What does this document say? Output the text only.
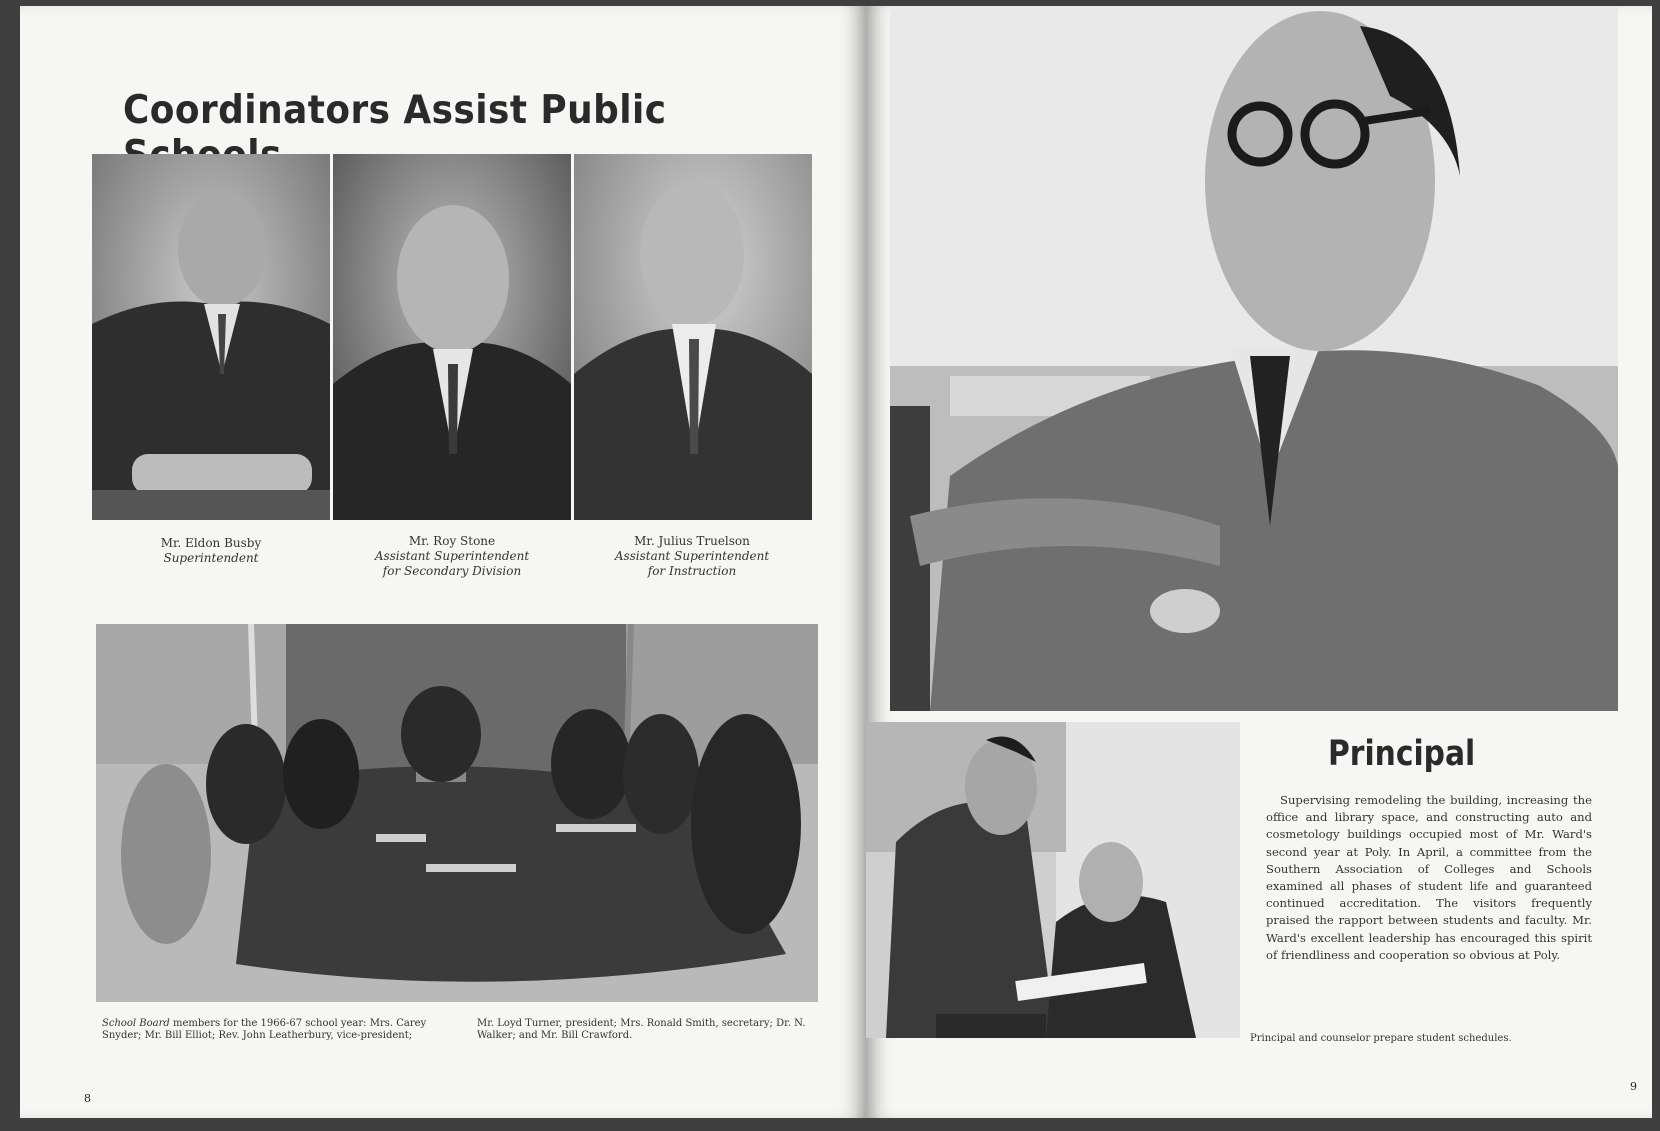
Coordinators Assist Public
Mr. Eldon Busby
Superintendent
Mr. Roy Stone
Assistant Superintendent
for Secondary Division
Mr. Julius Truelson
Assistant Superintendent
for Instruction
School Board members for the 1966-67 school year: Mrs. Carey Snyder; Mr. Bill Elliot; Rev. John Leatherbury, vice-president;
Mr. Loyd Turner, president; Mrs. Ronald Smith, secretary; Dr. N. Walker; and Mr. Bill Crawford.
8
Principal
Supervising remodeling the building, increasing the office and library space, and constructing auto and cosmetology buildings occupied most of Mr. Ward's second year at Poly. In April, a committee from the Southern Association of Colleges and Schools examined all phases of student life and guaranteed continued accreditation. The visitors frequently praised the rapport between students and faculty. Mr. Ward's excellent leadership has encouraged this spirit of friendliness and cooperation so obvious at Poly.
Principal and counselor prepare student schedules.
9
